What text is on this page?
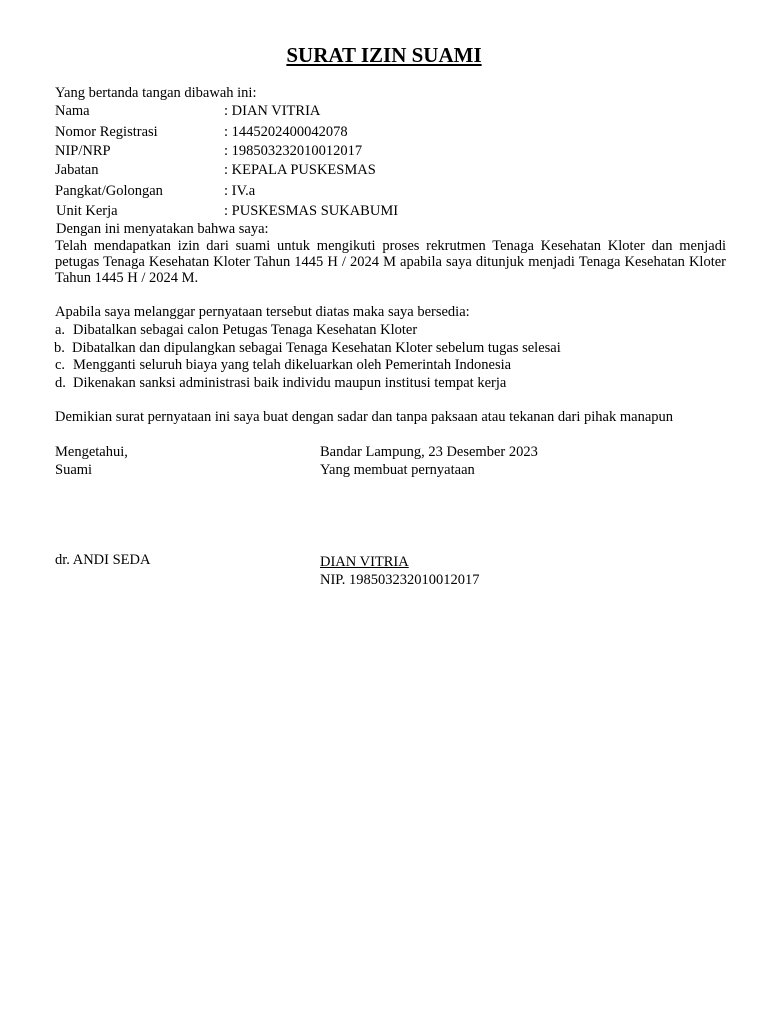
SURAT IZIN SUAMI
Yang bertanda tangan dibawah ini:
Nama	: DIAN VITRIA
Nomor Registrasi	: 1445202400042078
NIP/NRP	: 198503232010012017
Jabatan	: KEPALA PUSKESMAS
Pangkat/Golongan	: IV.a
Unit Kerja	: PUSKESMAS SUKABUMI
Dengan ini menyatakan bahwa saya:
Telah mendapatkan izin dari suami untuk mengikuti proses rekrutmen Tenaga Kesehatan Kloter dan menjadi petugas Tenaga Kesehatan Kloter Tahun 1445 H / 2024 M apabila saya ditunjuk menjadi Tenaga Kesehatan Kloter Tahun 1445 H / 2024 M.
Apabila saya melanggar pernyataan tersebut diatas maka saya bersedia:
a. Dibatalkan sebagai calon Petugas Tenaga Kesehatan Kloter
b. Dibatalkan dan dipulangkan sebagai Tenaga Kesehatan Kloter sebelum tugas selesai
c. Mengganti seluruh biaya yang telah dikeluarkan oleh Pemerintah Indonesia
d. Dikenakan sanksi administrasi baik individu maupun institusi tempat kerja
Demikian surat pernyataan ini saya buat dengan sadar dan tanpa paksaan atau tekanan dari pihak manapun
Mengetahui,
Suami
dr. ANDI SEDA
Bandar Lampung, 23 Desember 2023
Yang membuat pernyataan
DIAN VITRIA
NIP. 198503232010012017
